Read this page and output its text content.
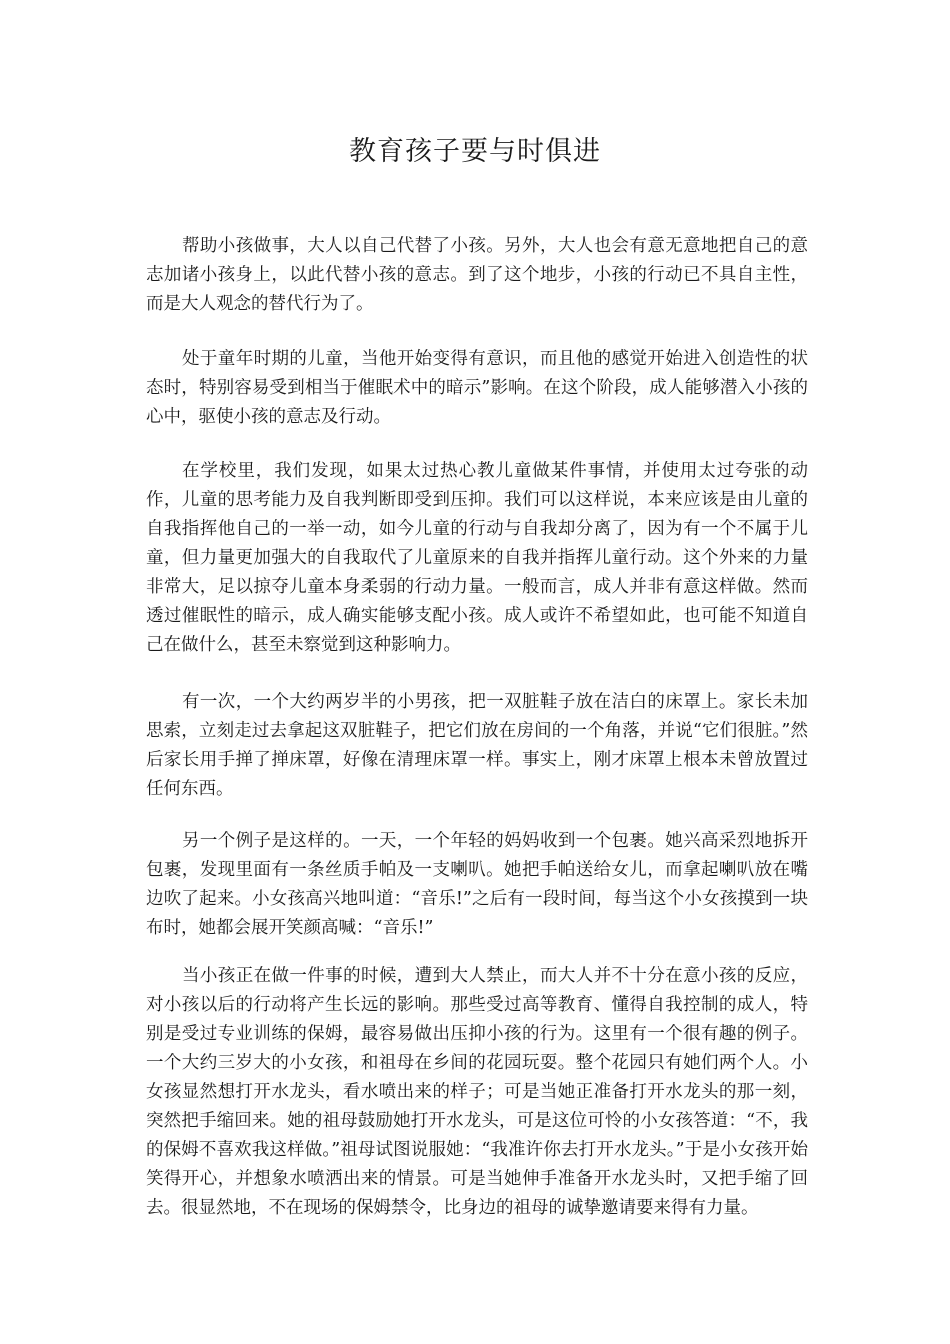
教育孩子要与时俱进

帮助小孩做事，大人以自己代替了小孩。另外，大人也会有意无意地把自己的意志加诸小孩身上，以此代替小孩的意志。到了这个地步，小孩的行动已不具自主性，而是大人观念的替代行为了。

处于童年时期的儿童，当他开始变得有意识，而且他的感觉开始进入创造性的状态时，特别容易受到相当于催眠术中的暗示”影响。在这个阶段，成人能够潜入小孩的心中，驱使小孩的意志及行动。

在学校里，我们发现，如果太过热心教儿童做某件事情，并使用太过夸张的动作，儿童的思考能力及自我判断即受到压抑。我们可以这样说，本来应该是由儿童的自我指挥他自己的一举一动，如今儿童的行动与自我却分离了，因为有一个不属于儿童，但力量更加强大的自我取代了儿童原来的自我并指挥儿童行动。这个外来的力量非常大，足以掠夺儿童本身柔弱的行动力量。一般而言，成人并非有意这样做。然而透过催眠性的暗示，成人确实能够支配小孩。成人或许不希望如此，也可能不知道自己在做什么，甚至未察觉到这种影响力。

有一次，一个大约两岁半的小男孩，把一双脏鞋子放在洁白的床罩上。家长未加思索，立刻走过去拿起这双脏鞋子，把它们放在房间的一个角落，并说“它们很脏。”然后家长用手掸了掸床罩，好像在清理床罩一样。事实上，刚才床罩上根本未曾放置过任何东西。

另一个例子是这样的。一天，一个年轻的妈妈收到一个包裹。她兴高采烈地拆开包裹，发现里面有一条丝质手帕及一支喇叭。她把手帕送给女儿，而拿起喇叭放在嘴边吹了起来。小女孩高兴地叫道：“音乐!”之后有一段时间，每当这个小女孩摸到一块布时，她都会展开笑颜高喊：“音乐!”

当小孩正在做一件事的时候，遭到大人禁止，而大人并不十分在意小孩的反应，对小孩以后的行动将产生长远的影响。那些受过高等教育、懂得自我控制的成人，特别是受过专业训练的保姆，最容易做出压抑小孩的行为。这里有一个很有趣的例子。一个大约三岁大的小女孩，和祖母在乡间的花园玩耍。整个花园只有她们两个人。小女孩显然想打开水龙头，看水喷出来的样子；可是当她正准备打开水龙头的那一刻，突然把手缩回来。她的祖母鼓励她打开水龙头，可是这位可怜的小女孩答道：“不，我的保姆不喜欢我这样做。”祖母试图说服她：“我准许你去打开水龙头。”于是小女孩开始笑得开心，并想象水喷洒出来的情景。可是当她伸手准备开水龙头时，又把手缩了回去。很显然地，不在现场的保姆禁令，比身边的祖母的诚挚邀请要来得有力量。
